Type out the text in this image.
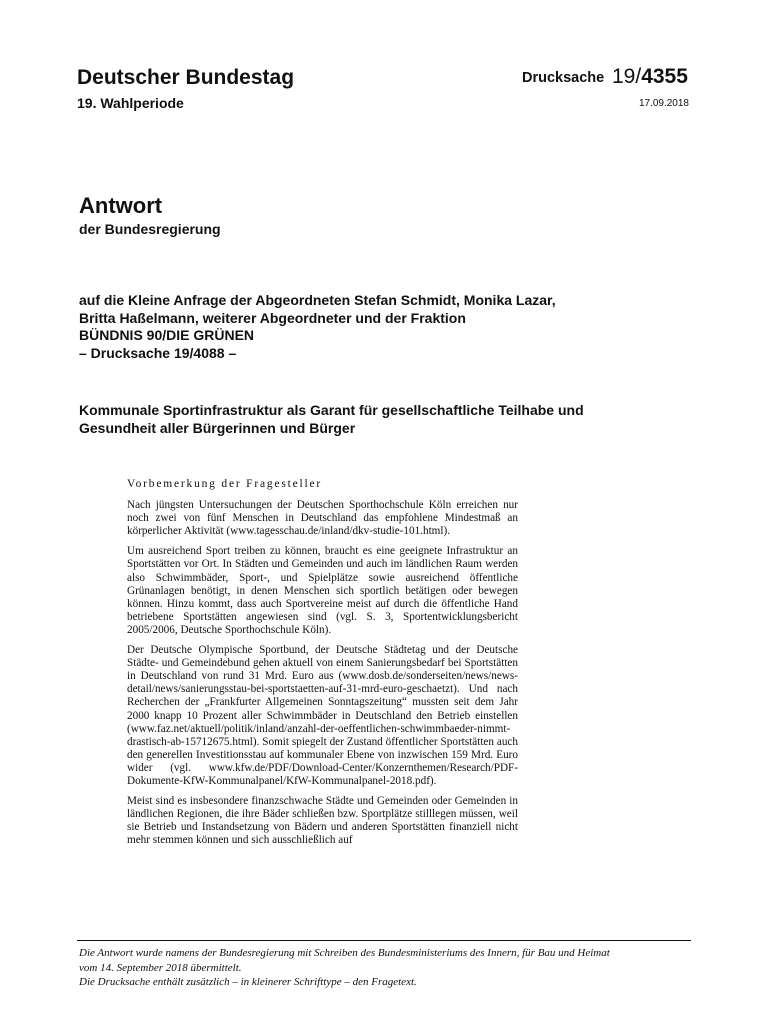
Deutscher Bundestag
19. Wahlperiode
Drucksache 19/4355
17.09.2018
Antwort
der Bundesregierung
auf die Kleine Anfrage der Abgeordneten Stefan Schmidt, Monika Lazar,
Britta Haßelmann, weiterer Abgeordneter und der Fraktion
BÜNDNIS 90/DIE GRÜNEN
– Drucksache 19/4088 –
Kommunale Sportinfrastruktur als Garant für gesellschaftliche Teilhabe und
Gesundheit aller Bürgerinnen und Bürger
Vorbemerkung der Fragesteller

Nach jüngsten Untersuchungen der Deutschen Sporthochschule Köln erreichen nur noch zwei von fünf Menschen in Deutschland das empfohlene Mindestmaß an körperlicher Aktivität (www.tagesschau.de/inland/dkv-studie-101.html).

Um ausreichend Sport treiben zu können, braucht es eine geeignete Infrastruktur an Sportstätten vor Ort. In Städten und Gemeinden und auch im ländlichen Raum werden also Schwimmbäder, Sport-, und Spielplätze sowie ausreichend öffentliche Grünanlagen benötigt, in denen Menschen sich sportlich betätigen oder bewegen können. Hinzu kommt, dass auch Sportvereine meist auf durch die öffentliche Hand betriebene Sportstätten angewiesen sind (vgl. S. 3, Sportentwicklungsbericht 2005/2006, Deutsche Sporthochschule Köln).

Der Deutsche Olympische Sportbund, der Deutsche Städtetag und der Deutsche Städte- und Gemeindebund gehen aktuell von einem Sanierungsbedarf bei Sportstätten in Deutschland von rund 31 Mrd. Euro aus (www.dosb.de/sonderseiten/news/news-detail/news/sanierungsstau-bei-sportstaetten-auf-31-mrd-euro-geschaetzt). Und nach Recherchen der „Frankfurter Allgemeinen Sonntagszeitung“ mussten seit dem Jahr 2000 knapp 10 Prozent aller Schwimmbäder in Deutschland den Betrieb einstellen (www.faz.net/aktuell/politik/inland/anzahl-der-oeffentlichen-schwimmbaeder-nimmt-drastisch-ab-15712675.html). Somit spiegelt der Zustand öffentlicher Sportstätten auch den generellen Investitionsstau auf kommunaler Ebene von inzwischen 159 Mrd. Euro wider (vgl. www.kfw.de/PDF/Download-Center/Konzernthemen/Research/PDF-Dokumente-KfW-Kommunalpanel/KfW-Kommunalpanel-2018.pdf).

Meist sind es insbesondere finanzschwache Städte und Gemeinden oder Gemeinden in ländlichen Regionen, die ihre Bäder schließen bzw. Sportplätze stilllegen müssen, weil sie Betrieb und Instandsetzung von Bädern und anderen Sportstätten finanziell nicht mehr stemmen können und sich ausschließlich auf

Die Antwort wurde namens der Bundesregierung mit Schreiben des Bundesministeriums des Innern, für Bau und Heimat
vom 14. September 2018 übermittelt.
Die Drucksache enthält zusätzlich – in kleinerer Schrifttype – den Fragetext.
